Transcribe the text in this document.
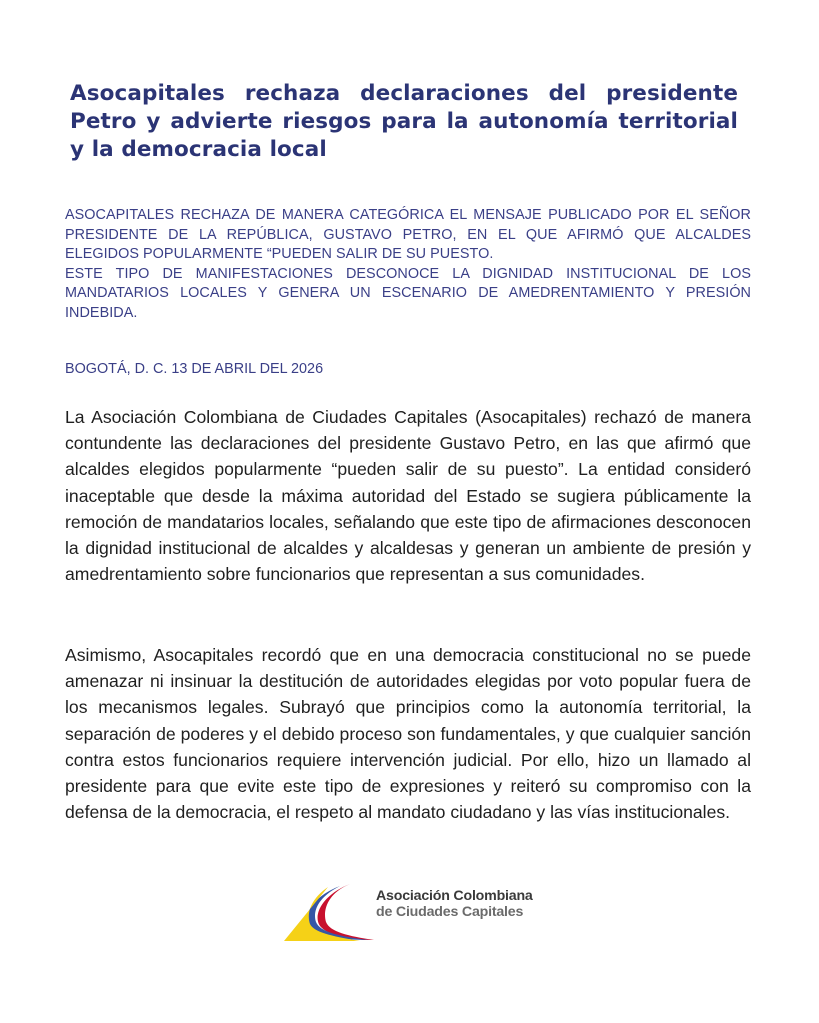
Asocapitales rechaza declaraciones del presidente Petro y advierte riesgos para la autonomía territorial y la democracia local
ASOCAPITALES RECHAZA DE MANERA CATEGÓRICA EL MENSAJE PUBLICADO POR EL SEÑOR PRESIDENTE DE LA REPÚBLICA, GUSTAVO PETRO, EN EL QUE AFIRMÓ QUE ALCALDES ELEGIDOS POPULARMENTE “PUEDEN SALIR DE SU PUESTO.
ESTE TIPO DE MANIFESTACIONES DESCONOCE LA DIGNIDAD INSTITUCIONAL DE LOS MANDATARIOS LOCALES Y GENERA UN ESCENARIO DE AMEDRENTAMIENTO Y PRESIÓN INDEBIDA.

BOGOTÁ, D. C. 13 DE ABRIL DEL 2026

La Asociación Colombiana de Ciudades Capitales (Asocapitales) rechazó de manera contundente las declaraciones del presidente Gustavo Petro, en las que afirmó que alcaldes elegidos popularmente “pueden salir de su puesto”. La entidad consideró inaceptable que desde la máxima autoridad del Estado se sugiera públicamente la remoción de mandatarios locales, señalando que este tipo de afirmaciones desconocen la dignidad institucional de alcaldes y alcaldesas y generan un ambiente de presión y amedrentamiento sobre funcionarios que representan a sus comunidades.

Asimismo, Asocapitales recordó que en una democracia constitucional no se puede amenazar ni insinuar la destitución de autoridades elegidas por voto popular fuera de los mecanismos legales. Subrayó que principios como la autonomía territorial, la separación de poderes y el debido proceso son fundamentales, y que cualquier sanción contra estos funcionarios requiere intervención judicial. Por ello, hizo un llamado al presidente para que evite este tipo de expresiones y reiteró su compromiso con la defensa de la democracia, el respeto al mandato ciudadano y las vías institucionales.

Asociación Colombiana
de Ciudades Capitales
